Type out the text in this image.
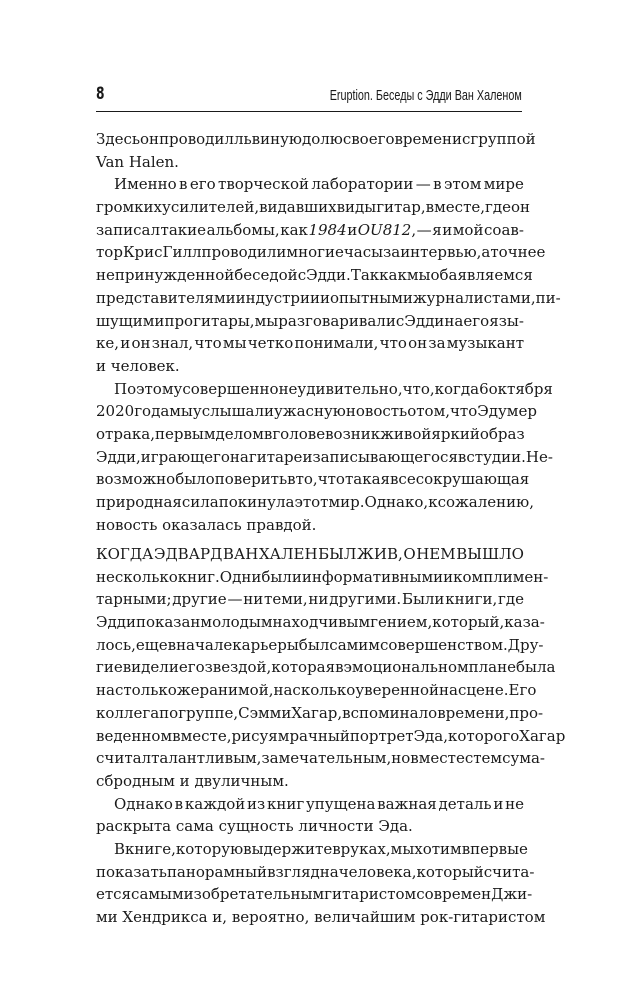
8	Eruption. Беседы с Эдди Ван Халеном
Здесь он проводил львиную долю своего времени с группой
Van Halen.
Именно в его творческой лаборатории — в этом мире
громких усилителей, видавших виды гитар, в месте, где он
записал такие альбомы, как 1984 и OU812, — я и мой соав-
тор Крис Гилл проводили многие часы за интервью, а точнее
непринужденной беседой с Эдди. Так как мы оба являемся
представителями индустрии и опытными журналистами, пи-
шущими про гитары, мы разговаривали с Эдди на его язы-
ке, и он знал, что мы четко понимали, что он за музыкант
и человек.
Поэтому совершенно неудивительно, что, когда 6 октября
2020 года мы услышали ужасную новость о том, что Эд умер
от рака, первым делом в голове возник живой яркий образ
Эдди, играющего на гитаре и записывающегося в студии. Не-
возможно было поверить в то, что такая всесокрушающая
природная сила покинула этот мир. Однако, к сожалению,
новость оказалась правдой.
КОГДА ЭДВАРД ВАН ХАЛЕН БЫЛ ЖИВ, О НЕМ ВЫШЛО
несколько книг. Одни были информативными и комплимен-
тарными; другие — ни теми, ни другими. Были книги, где
Эдди показан молодым находчивым гением, который, каза-
лось, еще в начале карьеры был самим совершенством. Дру-
гие видели его звездой, которая в эмоциональном плане была
настолько же ранимой, насколько уверенной на сцене. Его
коллега по группе, Сэмми Хагар, вспоминал о времени, про-
веденном вместе, рисуя мрачный портрет Эда, которого Хагар
считал талантливым, замечательным, но вместе с тем сума-
сбродным и двуличным.
Однако в каждой из книг упущена важная деталь и не
раскрыта сама сущность личности Эда.
В книге, которую вы держите в руках, мы хотим впервые
показать панорамный взгляд на человека, который счита-
ется самым изобретательным гитаристом со времен Джи-
ми Хендрикса и, вероятно, величайшим рок-гитаристом
